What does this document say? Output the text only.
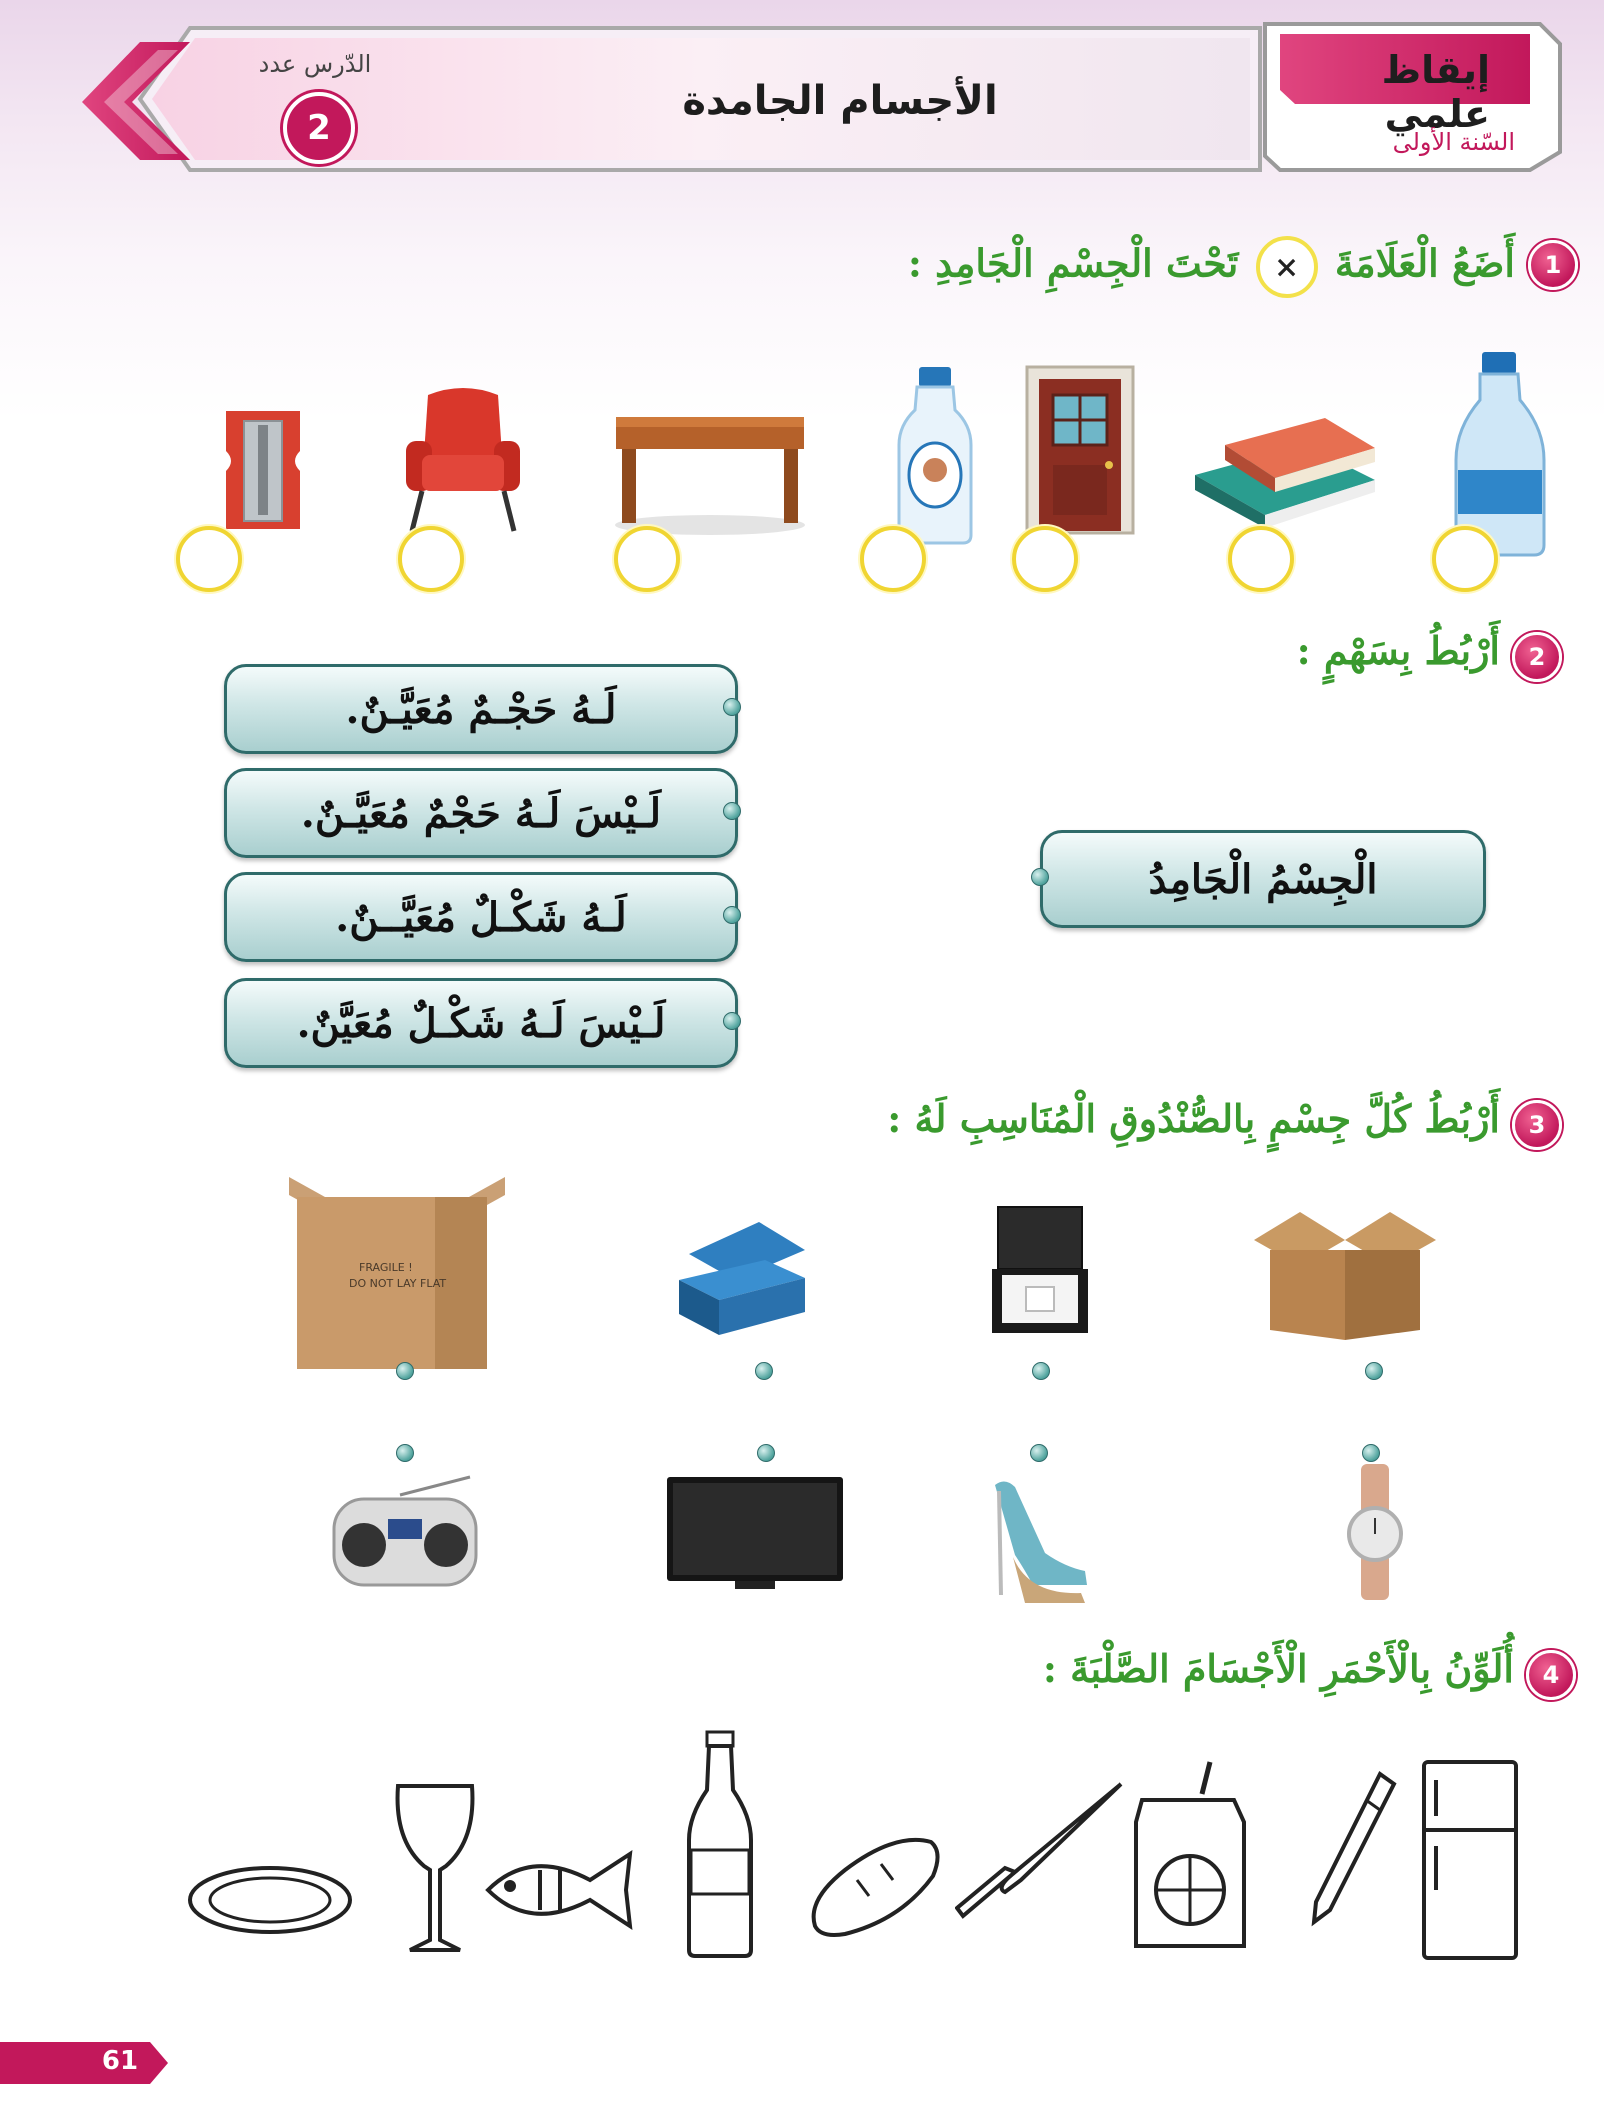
إيقاظ علمي
السّنة الأولى
الأجسام الجامدة
الدّرس عدد
2
1
أَضَعُ الْعَلَامَةَ × تَحْتَ الْجِسْمِ الْجَامِدِ :
2
أَرْبُطُ بِسَهْمٍ :
لَـهُ حَجْـمٌ مُعَيَّـنٌ.
لَـيْسَ لَـهُ حَجْمٌ مُعَيَّـنٌ.
لَـهُ شَكْـلٌ مُعَيَّــنٌ.
لَـيْسَ لَـهُ شَكْـلٌ مُعَيَّنٌ.
الْجِسْمُ الْجَامِدُ
3
أَرْبُطُ كُلَّ جِسْمٍ بِالصُّنْدُوقِ الْمُنَاسِبِ لَهُ :
FRAGILE !
DO NOT LAY FLAT
4
أُلَوِّنُ بِالْأَحْمَرِ الْأَجْسَامَ الصَّلْبَةَ :
61
